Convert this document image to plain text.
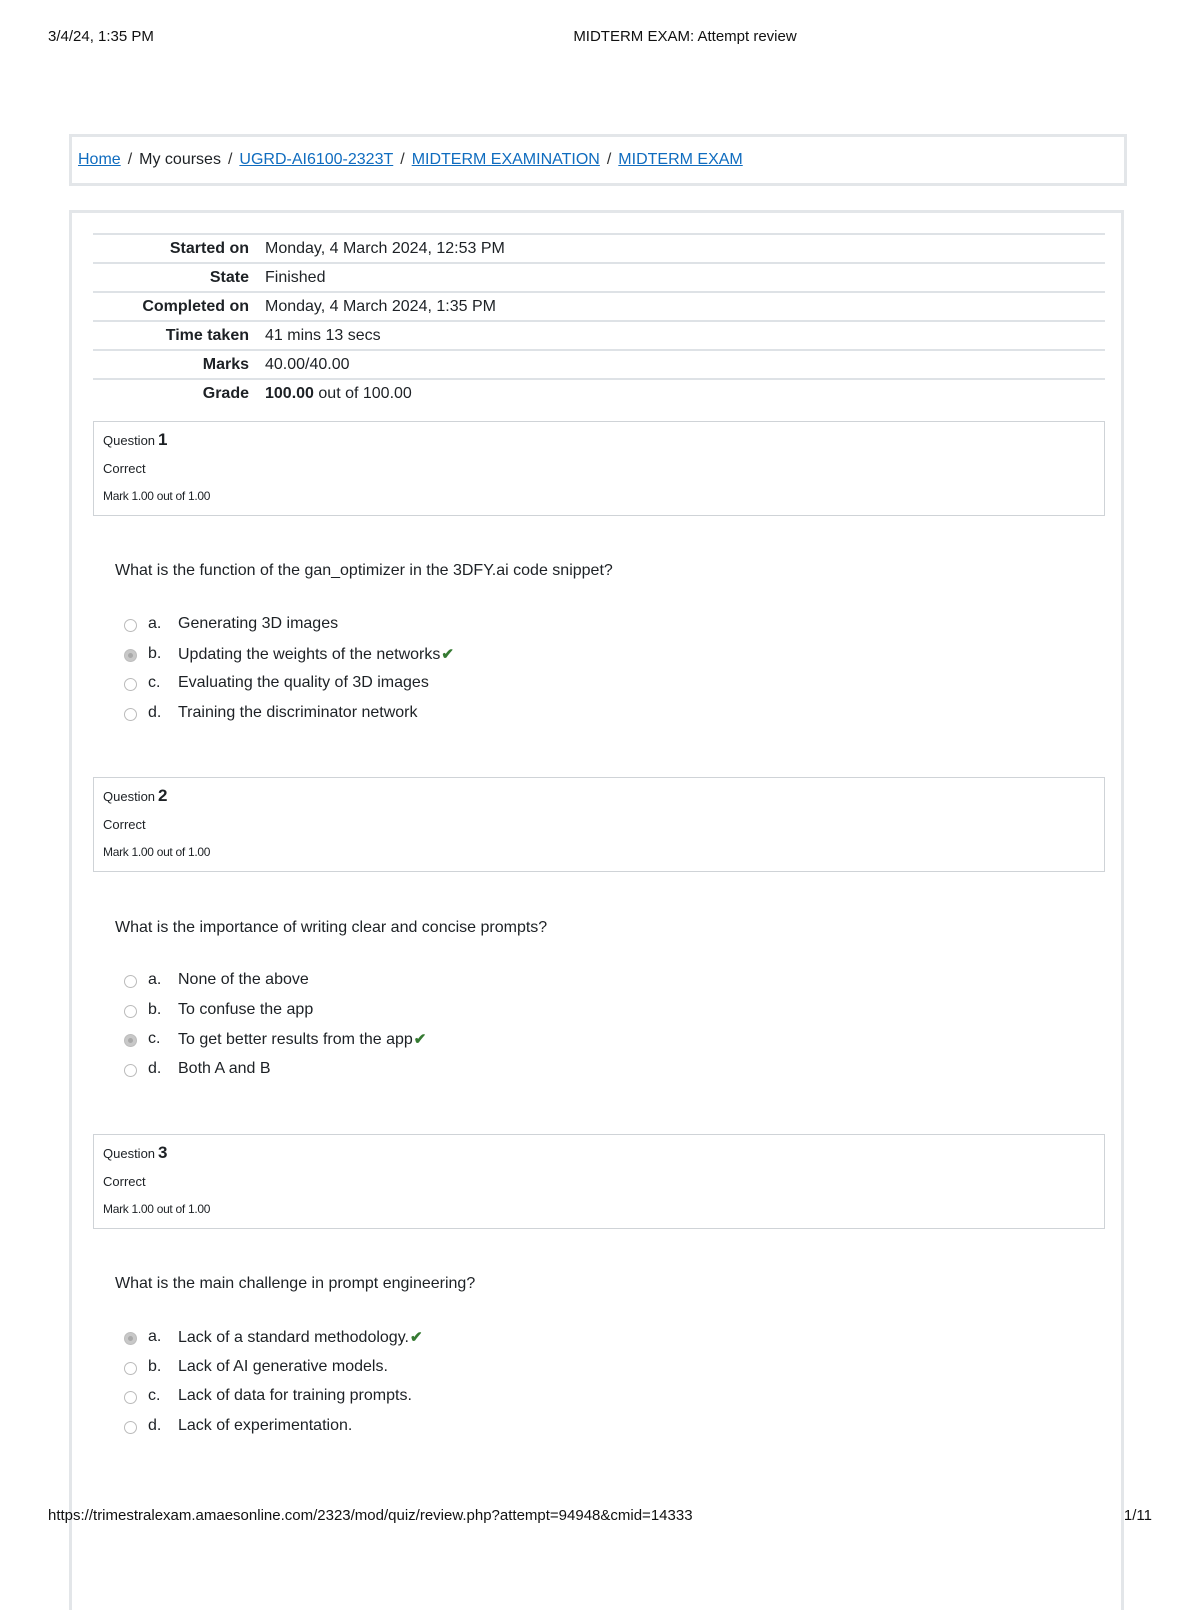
3/4/24, 1:35 PM	MIDTERM EXAM: Attempt review
Home / My courses / UGRD-AI6100-2323T / MIDTERM EXAMINATION / MIDTERM EXAM
Started on	Monday, 4 March 2024, 12:53 PM
State	Finished
Completed on	Monday, 4 March 2024, 1:35 PM
Time taken	41 mins 13 secs
Marks	40.00/40.00
Grade	100.00 out of 100.00
Question 1
Correct
Mark 1.00 out of 1.00
What is the function of the gan_optimizer in the 3DFY.ai code snippet?
a. Generating 3D images
b. Updating the weights of the networks✔
c. Evaluating the quality of 3D images
d. Training the discriminator network
Question 2
Correct
Mark 1.00 out of 1.00
What is the importance of writing clear and concise prompts?
a. None of the above
b. To confuse the app
c. To get better results from the app✔
d. Both A and B
Question 3
Correct
Mark 1.00 out of 1.00
What is the main challenge in prompt engineering?
a. Lack of a standard methodology.✔
b. Lack of AI generative models.
c. Lack of data for training prompts.
d. Lack of experimentation.
https://trimestralexam.amaesonline.com/2323/mod/quiz/review.php?attempt=94948&cmid=14333	1/11
